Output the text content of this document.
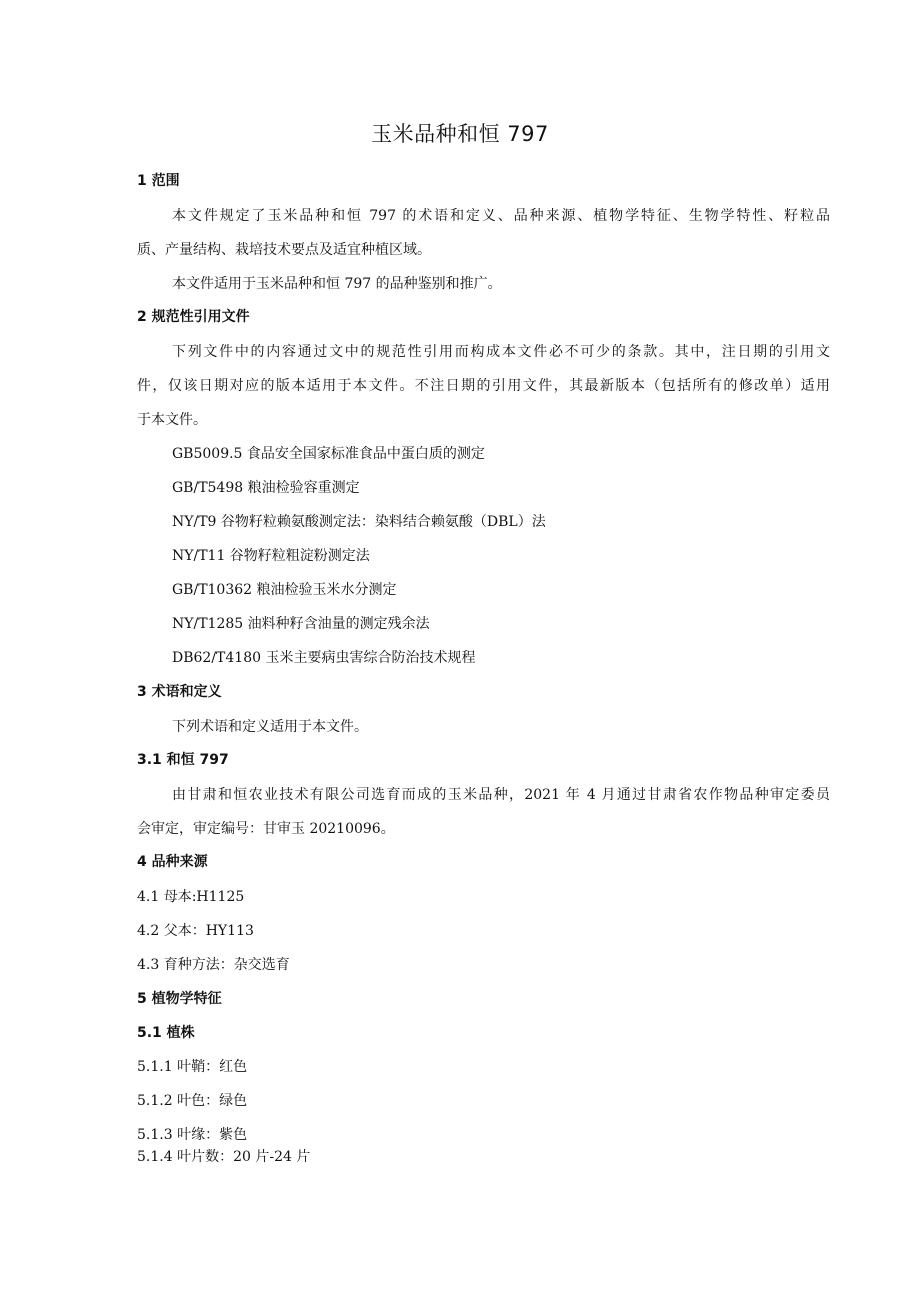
玉米品种和恒 797
1 范围
本文件规定了玉米品种和恒 797 的术语和定义、品种来源、植物学特征、生物学特性、籽粒品
质、产量结构、栽培技术要点及适宜种植区域。
本文件适用于玉米品种和恒 797 的品种鉴别和推广。
2 规范性引用文件
下列文件中的内容通过文中的规范性引用而构成本文件必不可少的条款。其中，注日期的引用文
件，仅该日期对应的版本适用于本文件。不注日期的引用文件，其最新版本（包括所有的修改单）适用
于本文件。
GB5009.5 食品安全国家标准食品中蛋白质的测定
GB/T5498 粮油检验容重测定
NY/T9 谷物籽粒赖氨酸测定法：染料结合赖氨酸（DBL）法
NY/T11 谷物籽粒粗淀粉测定法
GB/T10362 粮油检验玉米水分测定
NY/T1285 油料种籽含油量的测定残余法
DB62/T4180 玉米主要病虫害综合防治技术规程
3 术语和定义
下列术语和定义适用于本文件。
3.1 和恒 797
由甘肃和恒农业技术有限公司选育而成的玉米品种，2021 年 4 月通过甘肃省农作物品种审定委员
会审定，审定编号：甘审玉 20210096。
4 品种来源
4.1 母本:H1125
4.2 父本：HY113
4.3 育种方法：杂交选育
5 植物学特征
5.1 植株
5.1.1 叶鞘：红色
5.1.2 叶色：绿色
5.1.3 叶缘：紫色
5.1.4 叶片数：20 片-24 片
